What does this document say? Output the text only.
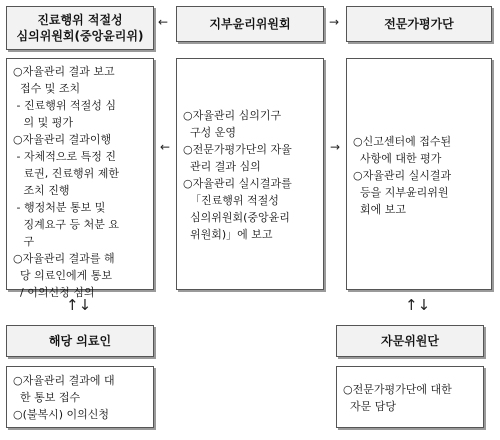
진료행위 적절성
심의위원회(중앙윤리위)

○자율관리 결과 보고

접수 및 조치

- 진료행위 적절성 심

의 및 평가

○자율관리 결과이행

- 자체적으로 특정 진

료권, 진료행위 제한

조치 진행

- 행정처분 통보 및

징계요구 등 처분 요

구

○자율관리 결과를 해

당 의료인에게 통보

/ 이의신청 심의

지부윤리위원회

○자율관리 심의기구

구성 운영

○전문가평가단의 자율

관리 결과 심의

○자율관리 실시결과를

「진료행위 적절성

심의위원회(중앙윤리

위원회)」에 보고

전문가평가단

○신고센터에 접수된

사항에 대한 평가

○자율관리 실시결과

등을 지부윤리위원

회에 보고

←	→
←	→
↑↓	↑↓
해당 의료인

○자율관리 결과에 대

한 통보 접수

○(불복시) 이의신청

자문위원단

○전문가평가단에 대한

자문 담당
